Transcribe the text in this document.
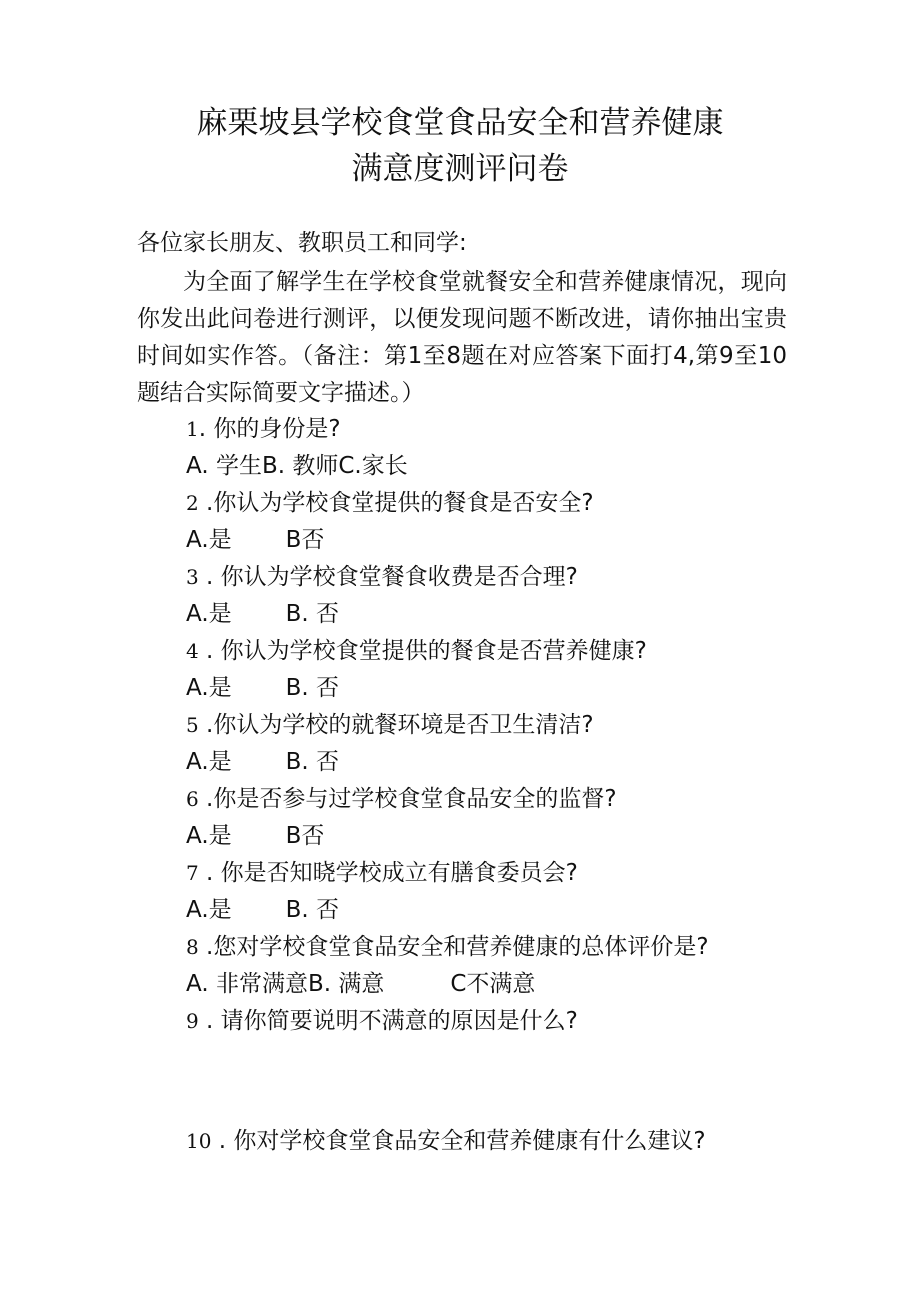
麻栗坡县学校食堂食品安全和营养健康
满意度测评问卷

各位家长朋友、教职员工和同学:

为全面了解学生在学校食堂就餐安全和营养健康情况，现向你发出此问卷进行测评，以便发现问题不断改进，请你抽出宝贵时间如实作答。（备注：第1至8题在对应答案下面打4,第9至10题结合实际简要文字描述。）

1. 你的身份是?

A. 学生B. 教师C.家长

2 .你认为学校食堂提供的餐食是否安全?

A.是 B否

3 . 你认为学校食堂餐食收费是否合理?

A.是 B. 否

4 . 你认为学校食堂提供的餐食是否营养健康?

A.是 B. 否

5 .你认为学校的就餐环境是否卫生清洁?

A.是 B. 否

6 .你是否参与过学校食堂食品安全的监督?

A.是 B否

7 . 你是否知晓学校成立有膳食委员会?

A.是 B. 否

8 .您对学校食堂食品安全和营养健康的总体评价是?

A. 非常满意B. 满意	C不满意

9 . 请你简要说明不满意的原因是什么?

10 . 你对学校食堂食品安全和营养健康有什么建议?
